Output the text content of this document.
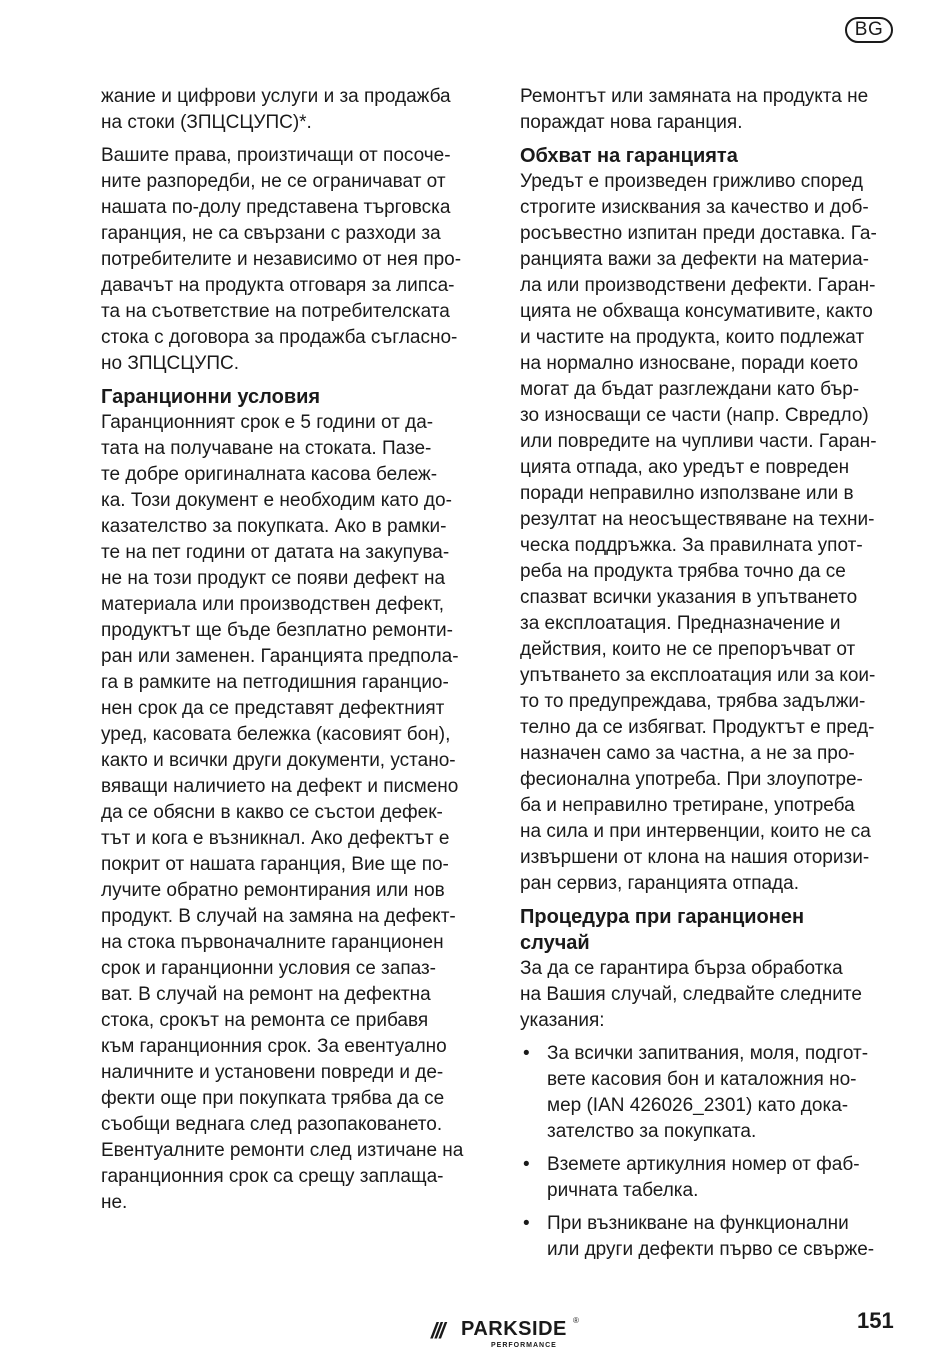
BG
жание и цифрови услуги и за продажба
на стоки (ЗПЦСЦУПС)*.
Вашите права, произтичащи от посоче-
ните разпоредби, не се ограничават от
нашата по-долу представена търговска
гаранция, не са свързани с разходи за
потребителите и независимо от нея про-
давачът на продукта отговаря за липса-
та на съответствие на потребителската
стока с договора за продажба съгласно-
но ЗПЦСЦУПС.
Гаранционни условия
Гаранционният срок е 5 години от да-
тата на получаване на стоката. Пазе-
те добре оригиналната касова бележ-
ка. Този документ е необходим като до-
казателство за покупката. Ако в рамки-
те на пет години от датата на закупува-
не на този продукт се появи дефект на
материала или производствен дефект,
продуктът ще бъде безплатно ремонти-
ран или заменен. Гаранцията предпола-
га в рамките на петгодишния гаранцио-
нен срок да се представят дефектният
уред, касовата бележка (касовият бон),
както и всички други документи, устано-
вяващи наличието на дефект и писмено
да се обясни в какво се състои дефек-
тът и кога е възникнал. Ако дефектът е
покрит от нашата гаранция, Вие ще по-
лучите обратно ремонтирания или нов
продукт. В случай на замяна на дефект-
на стока първоначалните гаранционен
срок и гаранционни условия се запаз-
ват. В случай на ремонт на дефектна
стока, срокът на ремонта се прибавя
към гаранционния срок. За евентуално
наличните и установени повреди и де-
фекти още при покупката трябва да се
съобщи веднага след разопаковането.
Евентуалните ремонти след изтичане на
гаранционния срок са срещу заплаща-
не.
Ремонтът или замяната на продукта не
пораждат нова гаранция.
Обхват на гаранцията
Уредът е произведен грижливо според
строгите изисквания за качество и доб-
росъвестно изпитан преди доставка. Га-
ранцията важи за дефекти на материа-
ла или производствени дефекти. Гаран-
цията не обхваща консумативите, както
и частите на продукта, които подлежат
на нормално износване, поради което
могат да бъдат разглеждани като бър-
зо износващи се части (напр. Свредло)
или повредите на чупливи части. Гаран-
цията отпада, ако уредът е повреден
поради неправилно използване или в
резултат на неосъществяване на техни-
ческа поддръжка. За правилната упот-
реба на продукта трябва точно да се
спазват всички указания в упътването
за експлоатация. Предназначение и
действия, които не се препоръчват от
упътването за експлоатация или за кои-
то то предупреждава, трябва задължи-
телно да се избягват. Продуктът е пред-
назначен само за частна, а не за про-
фесионална употреба. При злоупотре-
ба и неправилно третиране, употреба
на сила и при интервенции, които не са
извършени от клона на нашия оторизи-
ран сервиз, гаранцията отпада.
Процедура при гаранционен
случай
За да се гарантира бърза обработка
на Вашия случай, следвайте следните
указания:
• За всички запитвания, моля, подгот-
вете касовия бон и каталожния но-
мер (IAN 426026_2301) като дока-
зателство за покупката.
• Вземете артикулния номер от фаб-
ричната табелка.
• При възникване на функционални
или други дефекти първо се свърже-
/// PARKSIDE ®
PERFORMANCE
151
